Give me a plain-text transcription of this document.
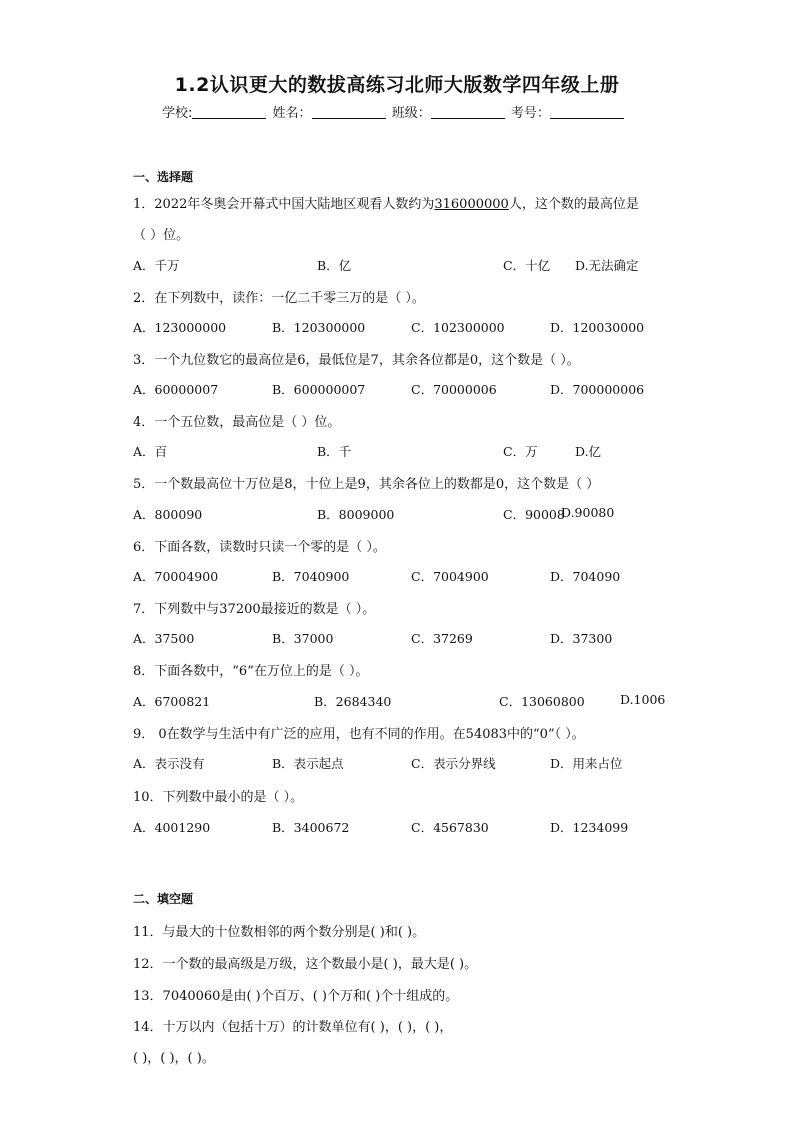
1.2认识更大的数拔高练习北师大版数学四年级上册
学校:	姓名：	班级：	考号：
一、选择题
1．2022年冬奥会开幕式中国大陆地区观看人数约为316000000人，这个数的最高位是
（ ）位。
A．千万	B．亿	C．十亿 D.无法确定
2．在下列数中，读作：一亿二千零三万的是（ ）。
A．123000000	B．120300000	C．102300000	D．120030000
3．一个九位数它的最高位是6，最低位是7，其余各位都是0，这个数是（ ）。
A．60000007	B．600000007	C．70000006	D．700000006
4．一个五位数，最高位是（ ）位。
A．百	B．千	C．万	D.亿
5．一个数最高位十万位是8，十位上是9，其余各位上的数都是0，这个数是（ ）
A．800090	B．8009000	C．90008
D.90080
6．下面各数，读数时只读一个零的是（ ）。
A．70004900	B．7040900	C．7004900	D．704090
7．下列数中与37200最接近的数是（ ）。
A．37500	B．37000	C．37269	D．37300
8．下面各数中，“6”在万位上的是（ ）。
A．6700821	B．2684340	C．13060800	D.1006
9． 0在数学与生活中有广泛的应用，也有不同的作用。在54083中的“0”（ ）。
A．表示没有	B．表示起点	C．表示分界线	D．用来占位
10．下列数中最小的是（ ）。
A．4001290	B．3400672	C．4567830	D．1234099
二、填空题
11．与最大的十位数相邻的两个数分别是( )和( )。
12．一个数的最高级是万级，这个数最小是( )，最大是( )。
13．7040060是由( )个百万、( )个万和( )个十组成的。
14．十万以内（包括十万）的计数单位有( )，( )，( )，
( )，( )，( )。
